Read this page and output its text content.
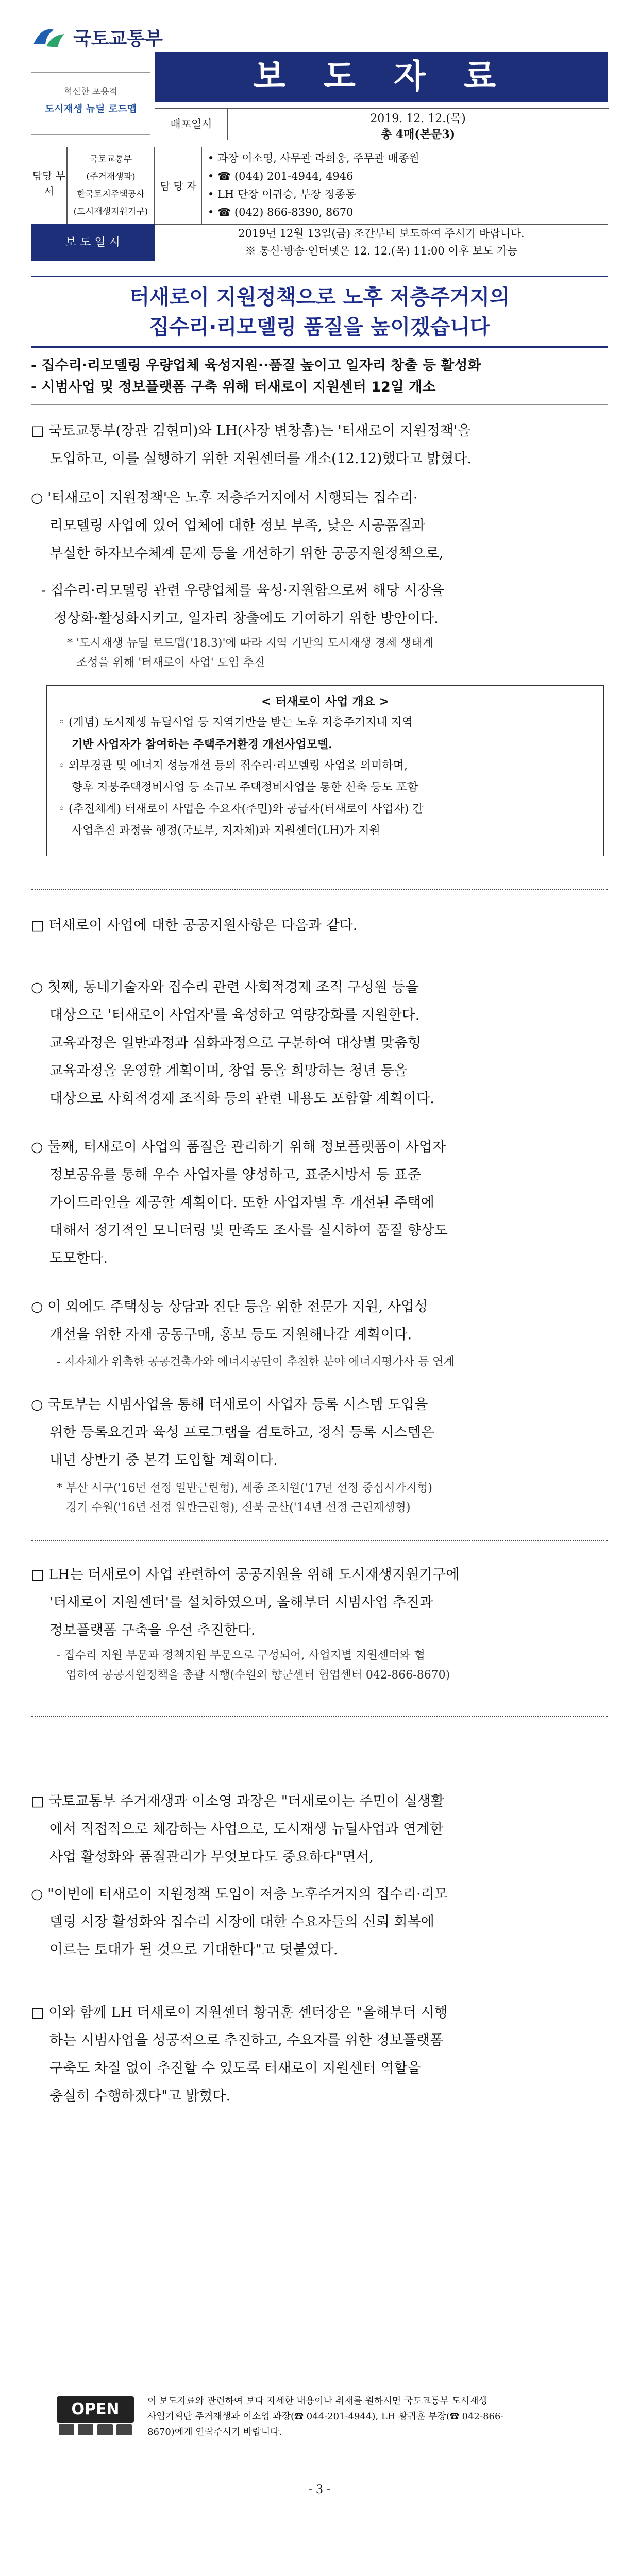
국토교통부
혁신한 포용적
도시재생 뉴딜 로드맵
보 도 자 료
배포일시	2019. 12. 12.(목)
총 4매(본문3)
담당 부서
국토교통부
(주거재생과)
한국토지주택공사
(도시재생지원기구)
담 당 자
• 과장 이소영, 사무관 라희웅, 주무관 배종원
• ☎ (044) 201-4944, 4946
• LH 단장 이귀승, 부장 정종동
• ☎ (042) 866-8390, 8670
보 도 일 시
2019년 12월 13일(금) 조간부터 보도하여 주시기 바랍니다.
※ 통신·방송·인터넷은 12. 12.(목) 11:00 이후 보도 가능
터새로이 지원정책으로 노후 저층주거지의
집수리·리모델링 품질을 높이겠습니다
- 집수리·리모델링 우량업체 육성지원··품질 높이고 일자리 창출 등 활성화
- 시범사업 및 정보플랫폼 구축 위해 터새로이 지원센터 12일 개소
□ 국토교통부(장관 김현미)와 LH(사장 변창흠)는 '터새로이 지원정책'을
도입하고, 이를 실행하기 위한 지원센터를 개소(12.12)했다고 밝혔다.
○ '터새로이 지원정책'은 노후 저층주거지에서 시행되는 집수리·
리모델링 사업에 있어 업체에 대한 정보 부족, 낮은 시공품질과
부실한 하자보수체계 문제 등을 개선하기 위한 공공지원정책으로,
- 집수리·리모델링 관련 우량업체를 육성·지원함으로써 해당 시장을
정상화·활성화시키고, 일자리 창출에도 기여하기 위한 방안이다.
* '도시재생 뉴딜 로드맵('18.3)'에 따라 지역 기반의 도시재생 경제 생태계
조성을 위해 '터새로이 사업' 도입 추진
< 터새로이 사업 개요 >
◦ (개념) 도시재생 뉴딜사업 등 지역기반을 받는 노후 저층주거지내 지역
기반 사업자가 참여하는 주택주거환경 개선사업모델.
◦ 외부경관 및 에너지 성능개선 등의 집수리·리모델링 사업을 의미하며,
향후 지붕주택정비사업 등 소규모 주택정비사업을 통한 신축 등도 포함
◦ (추진체계) 터새로이 사업은 수요자(주민)와 공급자(터새로이 사업자) 간
사업추진 과정을 행정(국토부, 지자체)과 지원센터(LH)가 지원
□ 터새로이 사업에 대한 공공지원사항은 다음과 같다.
○ 첫째, 동네기술자와 집수리 관련 사회적경제 조직 구성원 등을
대상으로 '터새로이 사업자'를 육성하고 역량강화를 지원한다.
교육과정은 일반과정과 심화과정으로 구분하여 대상별 맞춤형
교육과정을 운영할 계획이며, 창업 등을 희망하는 청년 등을
대상으로 사회적경제 조직화 등의 관련 내용도 포함할 계획이다.
○ 둘째, 터새로이 사업의 품질을 관리하기 위해 정보플랫폼이 사업자
정보공유를 통해 우수 사업자를 양성하고, 표준시방서 등 표준
가이드라인을 제공할 계획이다. 또한 사업자별 후 개선된 주택에
대해서 정기적인 모니터링 및 만족도 조사를 실시하여 품질 향상도
도모한다.
○ 이 외에도 주택성능 상담과 진단 등을 위한 전문가 지원, 사업성
개선을 위한 자재 공동구매, 홍보 등도 지원해나갈 계획이다.
- 지자체가 위촉한 공공건축가와 에너지공단이 추천한 분야 에너지평가사 등 연계
○ 국토부는 시범사업을 통해 터새로이 사업자 등록 시스템 도입을
위한 등록요건과 육성 프로그램을 검토하고, 정식 등록 시스템은
내년 상반기 중 본격 도입할 계획이다.
* 부산 서구('16년 선정 일반근린형), 세종 조치원('17년 선정 중심시가지형)
경기 수원('16년 선정 일반근린형), 전북 군산('14년 선정 근린재생형)
□ LH는 터새로이 사업 관련하여 공공지원을 위해 도시재생지원기구에
'터새로이 지원센터'를 설치하였으며, 올해부터 시범사업 추진과
정보플랫폼 구축을 우선 추진한다.
- 집수리 지원 부문과 정책지원 부문으로 구성되어, 사업지별 지원센터와 협
업하여 공공지원정책을 총괄 시행(수원외 향군센터 협업센터 042-866-8670)
□ 국토교통부 주거재생과 이소영 과장은 "터새로이는 주민이 실생활
에서 직접적으로 체감하는 사업으로, 도시재생 뉴딜사업과 연계한
사업 활성화와 품질관리가 무엇보다도 중요하다"면서,
○ "이번에 터새로이 지원정책 도입이 저층 노후주거지의 집수리·리모
델링 시장 활성화와 집수리 시장에 대한 수요자들의 신뢰 회복에
이르는 토대가 될 것으로 기대한다"고 덧붙였다.
□ 이와 함께 LH 터새로이 지원센터 황귀훈 센터장은 "올해부터 시행
하는 시범사업을 성공적으로 추진하고, 수요자를 위한 정보플랫폼
구축도 차질 없이 추진할 수 있도록 터새로이 지원센터 역할을
충실히 수행하겠다"고 밝혔다.
OPEN	이 보도자료와 관련하여 보다 자세한 내용이나 취재를 원하시면 국토교통부 도시재생
사업기획단 주거재생과 이소영 과장(☎ 044-201-4944), LH 황귀훈 부장(☎ 042-866-
8670)에게 연락주시기 바랍니다.
- 3 -
